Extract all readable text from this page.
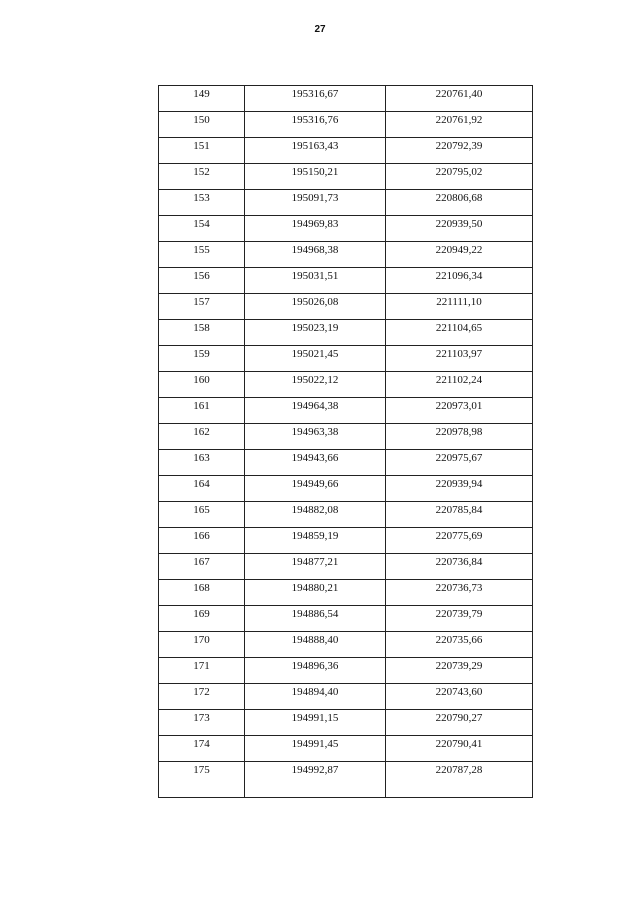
27
149	195316,67	220761,40
150	195316,76	220761,92
151	195163,43	220792,39
152	195150,21	220795,02
153	195091,73	220806,68
154	194969,83	220939,50
155	194968,38	220949,22
156	195031,51	221096,34
157	195026,08	221111,10
158	195023,19	221104,65
159	195021,45	221103,97
160	195022,12	221102,24
161	194964,38	220973,01
162	194963,38	220978,98
163	194943,66	220975,67
164	194949,66	220939,94
165	194882,08	220785,84
166	194859,19	220775,69
167	194877,21	220736,84
168	194880,21	220736,73
169	194886,54	220739,79
170	194888,40	220735,66
171	194896,36	220739,29
172	194894,40	220743,60
173	194991,15	220790,27
174	194991,45	220790,41
175	194992,87	220787,28
